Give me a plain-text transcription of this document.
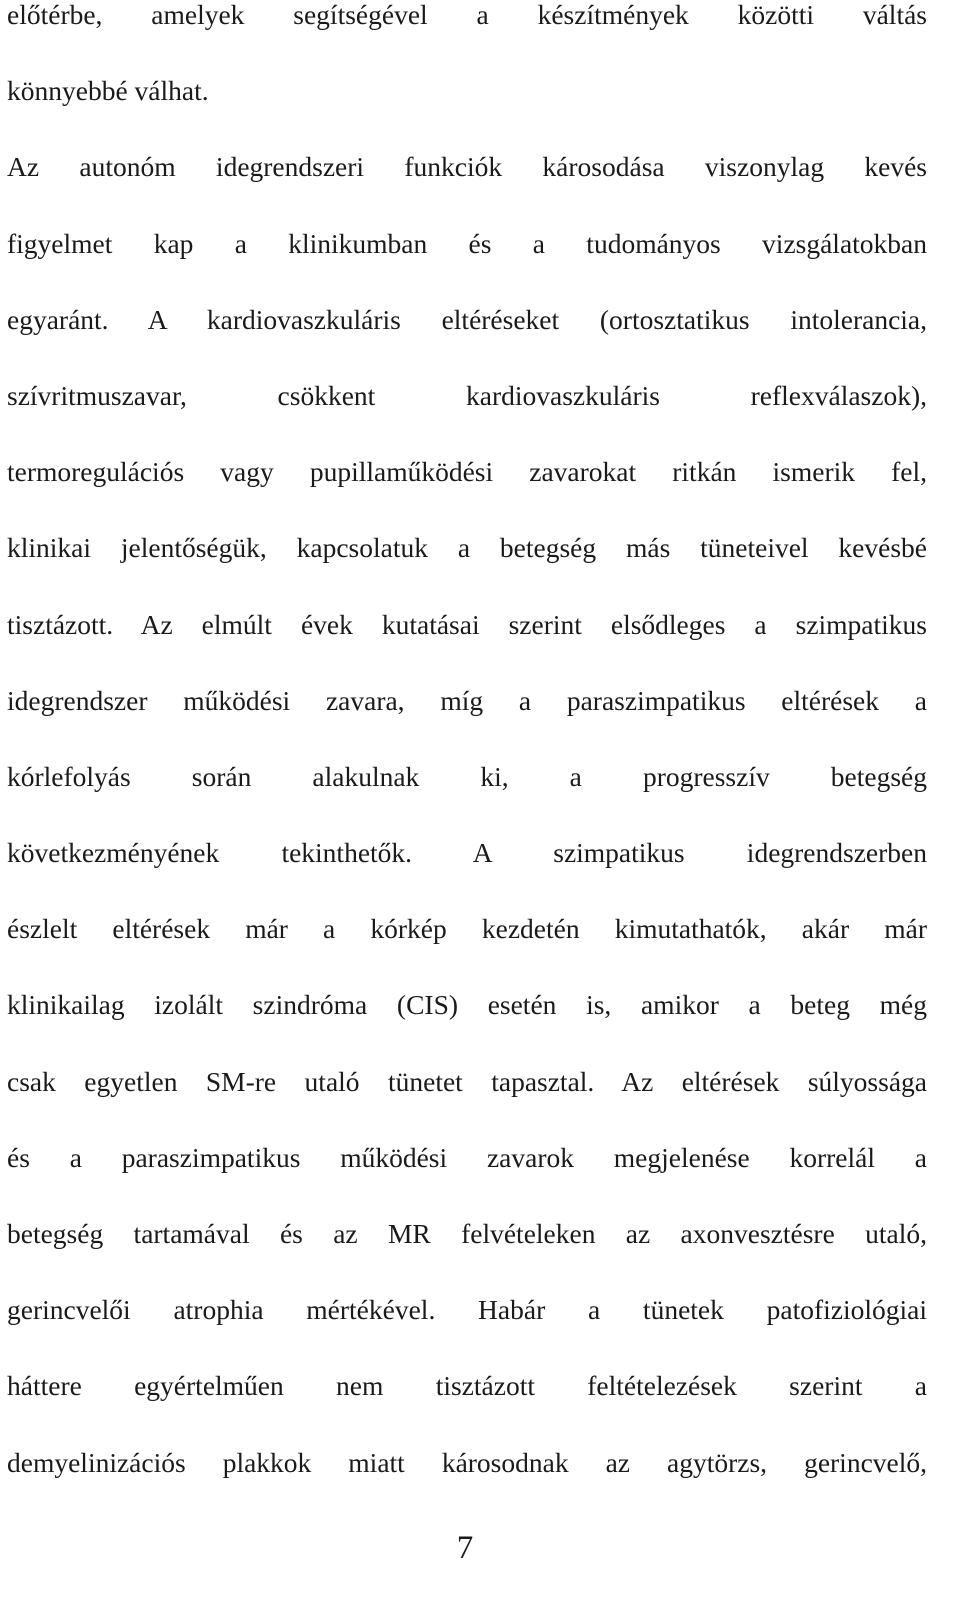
előtérbe, amelyek segítségével a készítmények közötti váltás
könnyebbé válhat.
Az autonóm idegrendszeri funkciók károsodása viszonylag kevés
figyelmet kap a klinikumban és a tudományos vizsgálatokban
egyaránt. A kardiovaszkuláris eltéréseket (ortosztatikus intolerancia,
szívritmuszavar, csökkent kardiovaszkuláris reflexválaszok),
termoregulációs vagy pupillaműködési zavarokat ritkán ismerik fel,
klinikai jelentőségük, kapcsolatuk a betegség más tüneteivel kevésbé
tisztázott. Az elmúlt évek kutatásai szerint elsődleges a szimpatikus
idegrendszer működési zavara, míg a paraszimpatikus eltérések a
kórlefolyás során alakulnak ki, a progresszív betegség
következményének tekinthetők. A szimpatikus idegrendszerben
észlelt eltérések már a kórkép kezdetén kimutathatók, akár már
klinikailag izolált szindróma (CIS) esetén is, amikor a beteg még
csak egyetlen SM-re utaló tünetet tapasztal. Az eltérések súlyossága
és a paraszimpatikus működési zavarok megjelenése korrelál a
betegség tartamával és az MR felvételeken az axonvesztésre utaló,
gerincvelői atrophia mértékével. Habár a tünetek patofiziológiai
háttere egyértelműen nem tisztázott feltételezések szerint a
demyelinizációs plakkok miatt károsodnak az agytörzs, gerincvelő,
7
